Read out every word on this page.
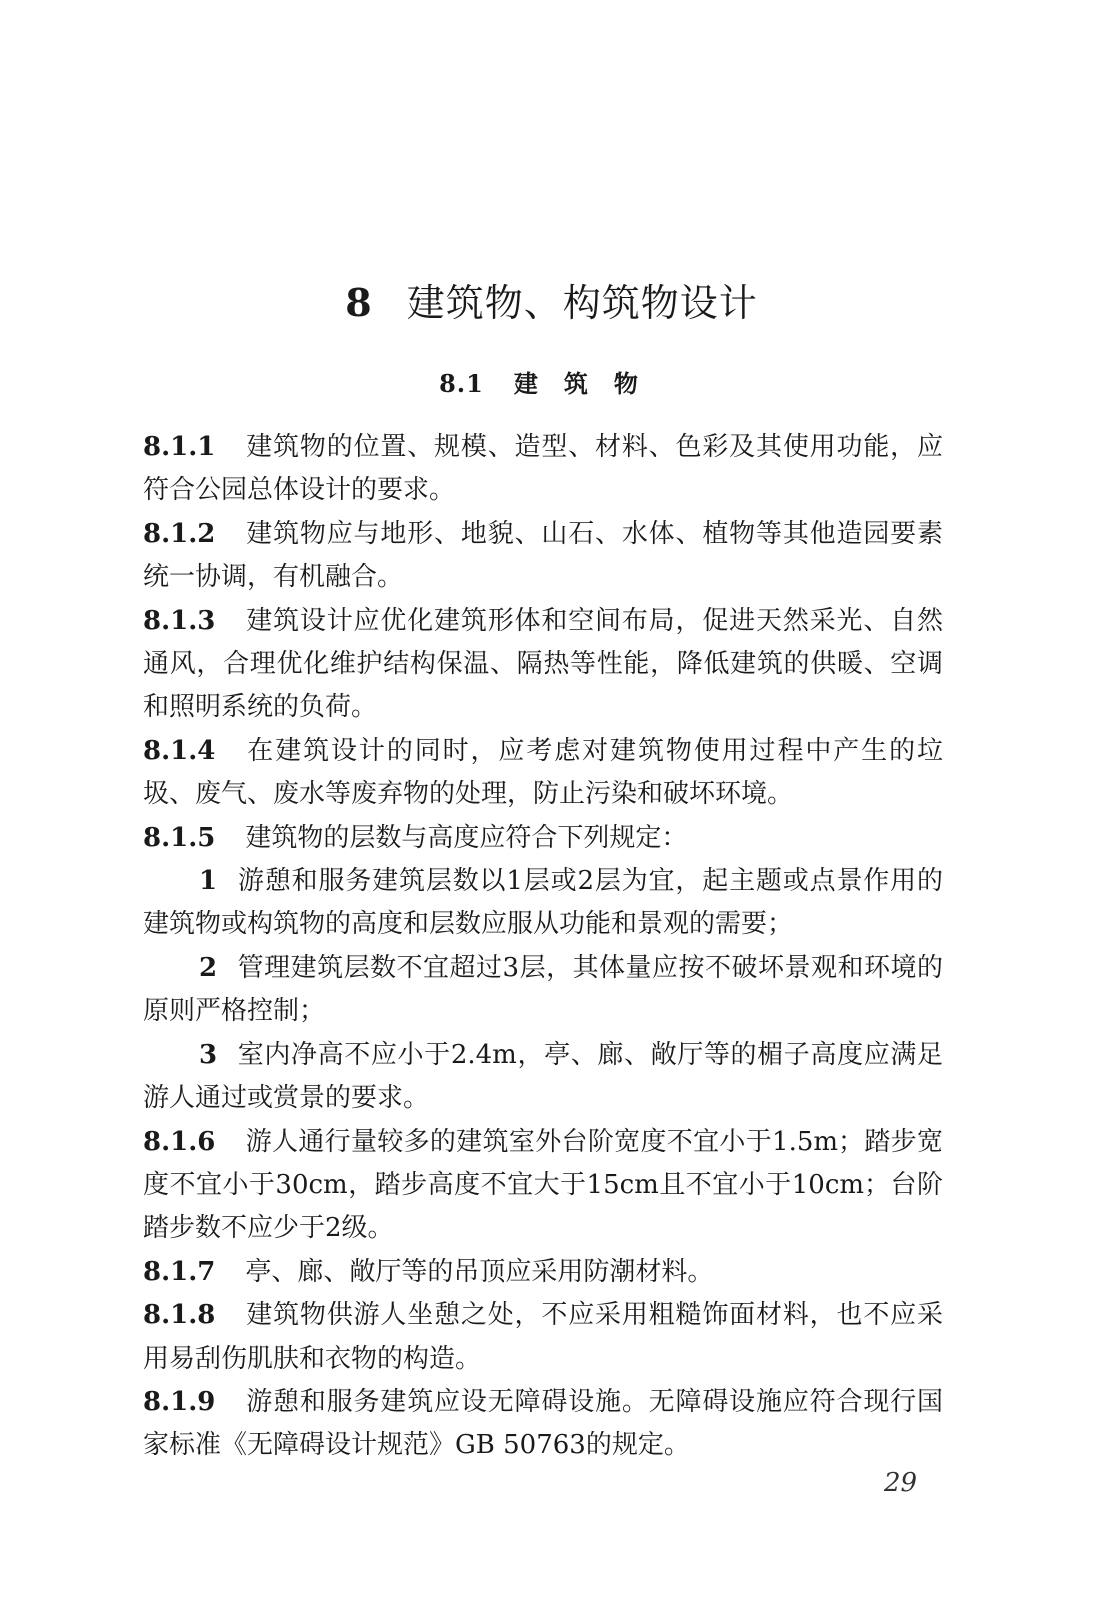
8 建筑物、构筑物设计
8.1 建筑物

8.1.1 建筑物的位置、规模、造型、材料、色彩及其使用功能，应符合公园总体设计的要求。

8.1.2 建筑物应与地形、地貌、山石、水体、植物等其他造园要素统一协调，有机融合。

8.1.3 建筑设计应优化建筑形体和空间布局，促进天然采光、自然通风，合理优化维护结构保温、隔热等性能，降低建筑的供暖、空调和照明系统的负荷。

8.1.4 在建筑设计的同时，应考虑对建筑物使用过程中产生的垃圾、废气、废水等废弃物的处理，防止污染和破坏环境。

8.1.5 建筑物的层数与高度应符合下列规定：

1 游憩和服务建筑层数以1层或2层为宜，起主题或点景作用的建筑物或构筑物的高度和层数应服从功能和景观的需要；

2 管理建筑层数不宜超过3层，其体量应按不破坏景观和环境的原则严格控制；

3 室内净高不应小于2.4m，亭、廊、敞厅等的楣子高度应满足游人通过或赏景的要求。

8.1.6 游人通行量较多的建筑室外台阶宽度不宜小于1.5m；踏步宽度不宜小于30cm，踏步高度不宜大于15cm且不宜小于10cm；台阶踏步数不应少于2级。

8.1.7 亭、廊、敞厅等的吊顶应采用防潮材料。

8.1.8 建筑物供游人坐憩之处，不应采用粗糙饰面材料，也不应采用易刮伤肌肤和衣物的构造。

8.1.9 游憩和服务建筑应设无障碍设施。无障碍设施应符合现行国家标准《无障碍设计规范》GB 50763的规定。

29
